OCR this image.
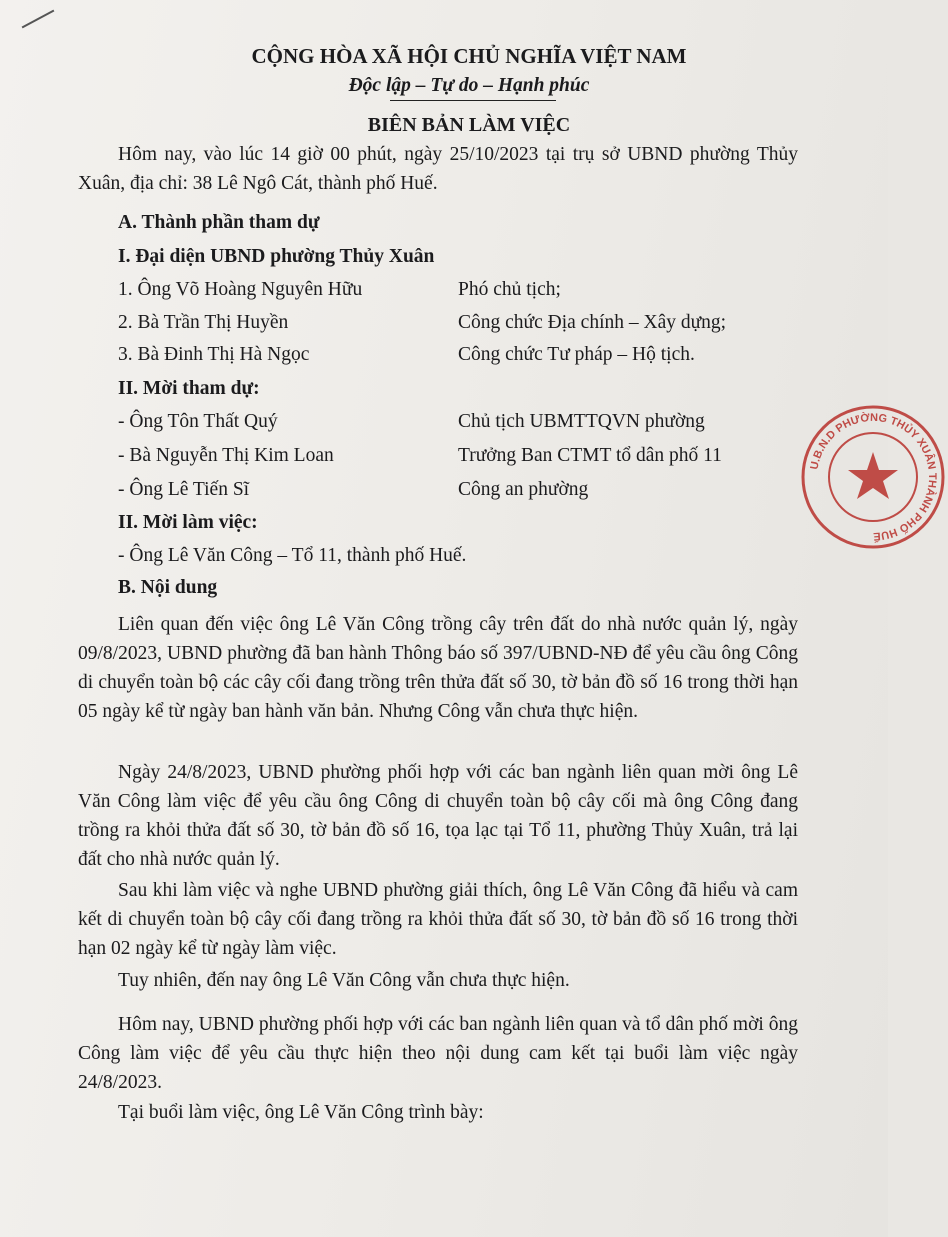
CỘNG HÒA XÃ HỘI CHỦ NGHĨA VIỆT NAM
Độc lập – Tự do – Hạnh phúc
BIÊN BẢN LÀM VIỆC
Hôm nay, vào lúc 14 giờ 00 phút, ngày 25/10/2023 tại trụ sở UBND phường Thủy Xuân, địa chỉ: 38 Lê Ngô Cát, thành phố Huế.
A. Thành phần tham dự
I. Đại diện UBND phường Thủy Xuân
1. Ông Võ Hoàng Nguyên Hữu	Phó chủ tịch;
2. Bà Trần Thị Huyền	Công chức Địa chính – Xây dựng;
3. Bà Đinh Thị Hà Ngọc	Công chức Tư pháp – Hộ tịch.
II. Mời tham dự:
- Ông Tôn Thất Quý	Chủ tịch UBMTTQVN phường
- Bà Nguyễn Thị Kim Loan	Trưởng Ban CTMT tổ dân phố 11
- Ông Lê Tiến Sĩ	Công an phường
II. Mời làm việc:
- Ông Lê Văn Công – Tổ 11, thành phố Huế.
B. Nội dung
Liên quan đến việc ông Lê Văn Công trồng cây trên đất do nhà nước quản lý, ngày 09/8/2023, UBND phường đã ban hành Thông báo số 397/UBND-NĐ để yêu cầu ông Công di chuyển toàn bộ các cây cối đang trồng trên thửa đất số 30, tờ bản đồ số 16 trong thời hạn 05 ngày kể từ ngày ban hành văn bản. Nhưng Công vẫn chưa thực hiện.
Ngày 24/8/2023, UBND phường phối hợp với các ban ngành liên quan mời ông Lê Văn Công làm việc để yêu cầu ông Công di chuyển toàn bộ cây cối mà ông Công đang trồng ra khỏi thửa đất số 30, tờ bản đồ số 16, tọa lạc tại Tổ 11, phường Thủy Xuân, trả lại đất cho nhà nước quản lý.
Sau khi làm việc và nghe UBND phường giải thích, ông Lê Văn Công đã hiểu và cam kết di chuyển toàn bộ cây cối đang trồng ra khỏi thửa đất số 30, tờ bản đồ số 16 trong thời hạn 02 ngày kể từ ngày làm việc.
Tuy nhiên, đến nay ông Lê Văn Công vẫn chưa thực hiện.
Hôm nay, UBND phường phối hợp với các ban ngành liên quan và tổ dân phố mời ông Công làm việc để yêu cầu thực hiện theo nội dung cam kết tại buổi làm việc ngày 24/8/2023.
Tại buổi làm việc, ông Lê Văn Công trình bày:
U.B.N.D PHƯỜNG THỦY XUÂN THÀNH PHỐ HUẾ
